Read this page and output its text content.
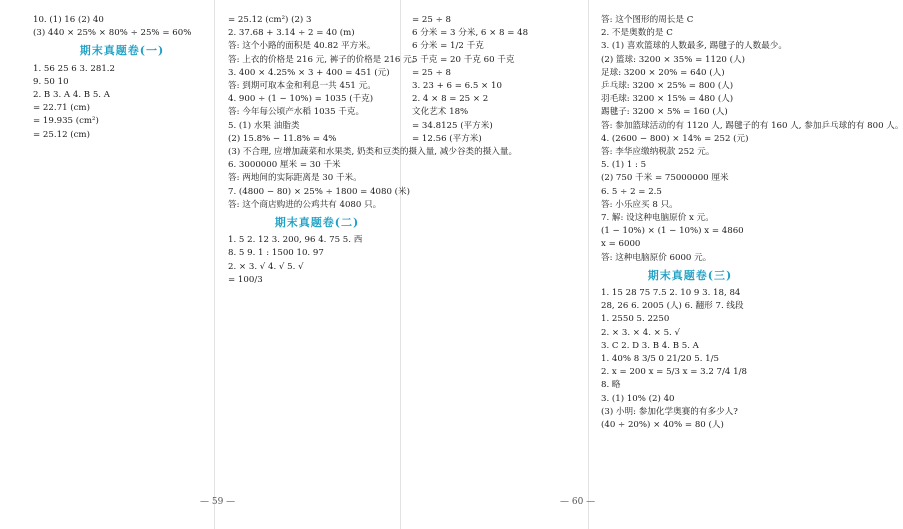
10. (1) 16 (2) 40
(3) 440 × 25% × 80% ÷ 25% = 60%
期末真题卷(一)
1. 56 25 6 3. 281.2
9. 50 10
2. B 3. A 4. B 5. A
= 22.71 (cm)
= 19.935 (cm²)
= 25.12 (cm)
= 25.12 (cm²) (2) 3
2. 37.68 + 3.14 ÷ 2 = 40 (m)
答: 这个小路的面积是 40.82 平方米。
答: 上衣的价格是 216 元, 裤子的价格是 216 元。
3. 400 × 4.25% × 3 + 400 = 451 (元)
答: 到期可取本金和利息一共 451 元。
4. 900 ÷ (1 − 10%) = 1035 (千克)
答: 今年每公顷产水稻 1035 千克。
5. (1) 水果 油脂类
(2) 15.8% − 11.8% = 4%
(3) 不合理, 应增加蔬菜和水果类, 奶类和豆类的摄入量, 减少谷类的摄入量。
6. 3000000 厘米 = 30 千米
答: 两地间的实际距离是 30 千米。
7. (4800 − 80) × 25% ÷ 1800 = 4080 (米)
答: 这个商店购进的公鸡共有 4080 只。
期末真题卷(二)
1. 5 2. 12 3. 200, 96 4. 75 5. 西
8. 5 9. 1 : 1500 10. 97
2. × 3. √ 4. √ 5. √
= 100/3
= 25 ÷ 8
6 分米 = 3 分米, 6 × 8 = 48
6 分米 = 1/2 千克
5 千克 = 20 千克 60 千克
= 25 ÷ 8
3. 23 + 6 = 6.5 × 10
2. 4 × 8 = 25 × 2
文化艺术 18%
= 34.8125 (平方米)
= 12.56 (平方米)
答: 这个图形的周长是 C
2. 不是奥数的是 C
3. (1) 喜欢篮球的人数最多, 踢毽子的人数最少。
(2) 篮球: 3200 × 35% = 1120 (人)
足球: 3200 × 20% = 640 (人)
乒乓球: 3200 × 25% = 800 (人)
羽毛球: 3200 × 15% = 480 (人)
踢毽子: 3200 × 5% = 160 (人)
答: 参加篮球活动的有 1120 人, 踢毽子的有 160 人, 参加乒乓球的有 800 人。
4. (2600 − 800) × 14% = 252 (元)
答: 李华应缴纳税款 252 元。
5. (1) 1 : 5
(2) 750 千米 = 75000000 厘米
6. 5 ÷ 2 = 2.5
答: 小乐应买 8 只。
7. 解: 设这种电脑原价 x 元。
(1 − 10%) × (1 − 10%) x = 4860
x = 6000
答: 这种电脑原价 6000 元。
期末真题卷(三)
1. 15 28 75 7.5 2. 10 9 3. 18, 84
28, 26 6. 2005 (人) 6. 翻形 7. 线段
1. 2550 5. 2250
2. × 3. × 4. × 5. √
3. C 2. D 3. B 4. B 5. A
1. 40% 8 3/5 0 21/20 5. 1/5
2. x = 200 x = 5/3 x = 3.2 7/4 1/8
8. 略
3. (1) 10% (2) 40
(3) 小明: 参加化学奥赛的有多少人?
(40 ÷ 20%) × 40% = 80 (人)
— 59 —	— 60 —
